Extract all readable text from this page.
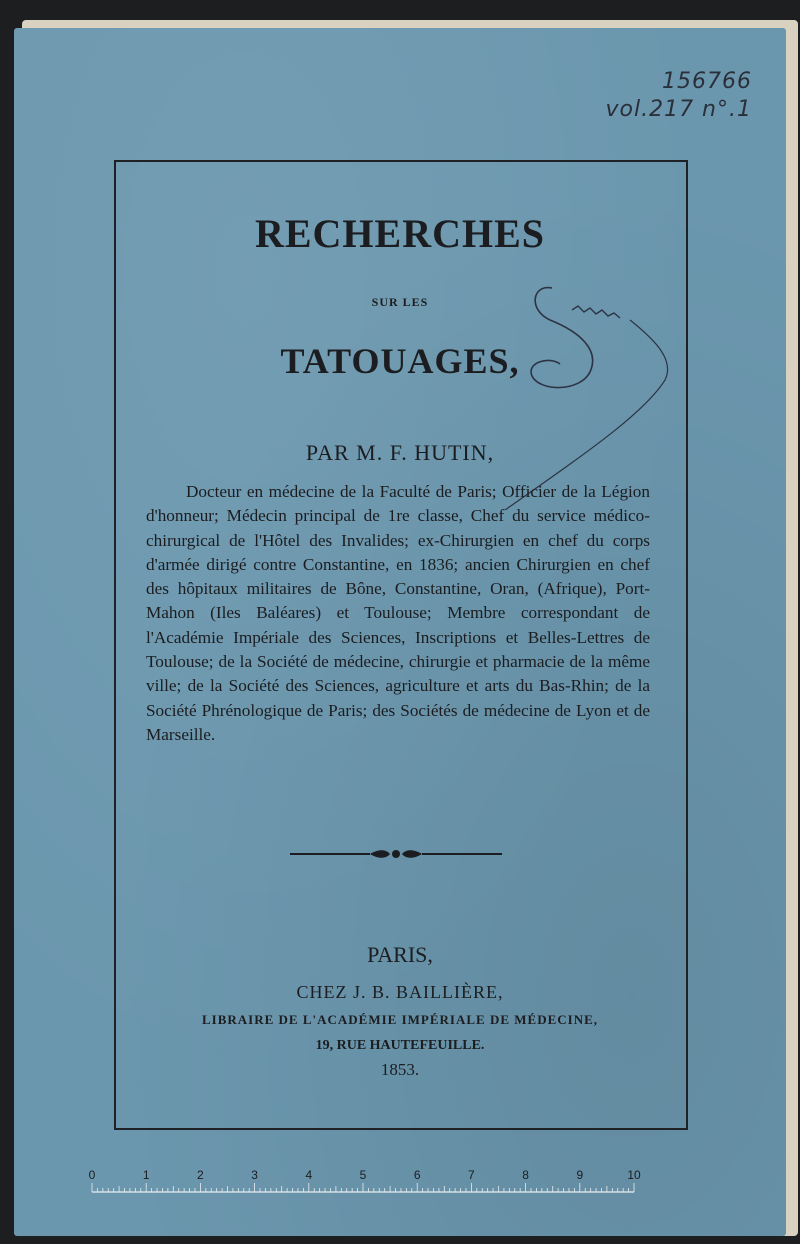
156766
vol.217 n°.1
RECHERCHES
SUR LES
TATOUAGES,
PAR M. F. HUTIN,

Docteur en médecine de la Faculté de Paris; Officier de la Légion d'honneur; Médecin principal de 1re classe, Chef du service médico-chirurgical de l'Hôtel des Invalides; ex-Chirurgien en chef du corps d'armée dirigé contre Constantine, en 1836; ancien Chirurgien en chef des hôpitaux militaires de Bône, Constantine, Oran, (Afrique), Port-Mahon (Iles Baléares) et Toulouse; Membre correspondant de l'Académie Impériale des Sciences, Inscriptions et Belles-Lettres de Toulouse; de la Société de médecine, chirurgie et pharmacie de la même ville; de la Société des Sciences, agriculture et arts du Bas-Rhin; de la Société Phrénologique de Paris; des Sociétés de médecine de Lyon et de Marseille.

PARIS,
CHEZ J. B. BAILLIÈRE,
LIBRAIRE DE L'ACADÉMIE IMPÉRIALE DE MÉDECINE,
19, RUE HAUTEFEUILLE.
1853.
0	1	2	3	4	5	6	7	8	9	10
